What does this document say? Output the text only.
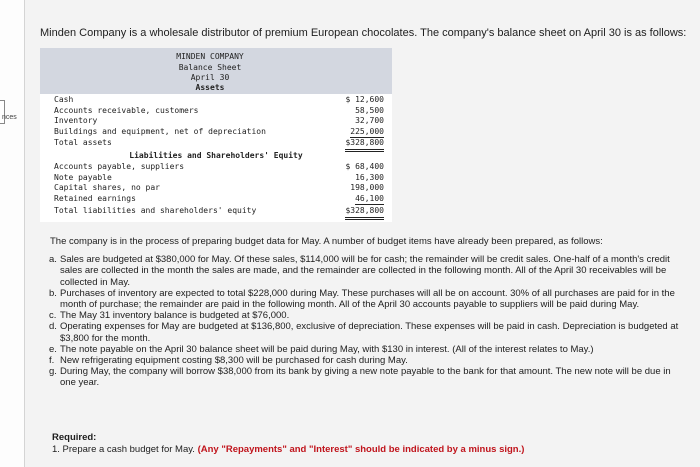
nces
Minden Company is a wholesale distributor of premium European chocolates. The company's balance sheet on April 30 is as follows:
MINDEN COMPANY
Balance Sheet
April 30
Assets
Cash	$ 12,600
Accounts receivable, customers	58,500
Inventory	32,700
Buildings and equipment, net of depreciation	225,000
Total assets	$328,800
Liabilities and Shareholders' Equity
Accounts payable, suppliers	$ 68,400
Note payable	16,300
Capital shares, no par	198,000
Retained earnings	46,100
Total liabilities and shareholders' equity	$328,800

The company is in the process of preparing budget data for May. A number of budget items have already been prepared, as follows:

a. Sales are budgeted at $380,000 for May. Of these sales, $114,000 will be for cash; the remainder will be credit sales. One-half of a month's credit sales are collected in the month the sales are made, and the remainder are collected in the following month. All of the April 30 receivables will be collected in May.
b. Purchases of inventory are expected to total $228,000 during May. These purchases will all be on account. 30% of all purchases are paid for in the month of purchase; the remainder are paid in the following month. All of the April 30 accounts payable to suppliers will be paid during May.
c. The May 31 inventory balance is budgeted at $76,000.
d. Operating expenses for May are budgeted at $136,800, exclusive of depreciation. These expenses will be paid in cash. Depreciation is budgeted at $3,800 for the month.
e. The note payable on the April 30 balance sheet will be paid during May, with $130 in interest. (All of the interest relates to May.)
f. New refrigerating equipment costing $8,300 will be purchased for cash during May.
g. During May, the company will borrow $38,000 from its bank by giving a new note payable to the bank for that amount. The new note will be due in one year.
Required:
1. Prepare a cash budget for May. (Any "Repayments" and "Interest" should be indicated by a minus sign.)
